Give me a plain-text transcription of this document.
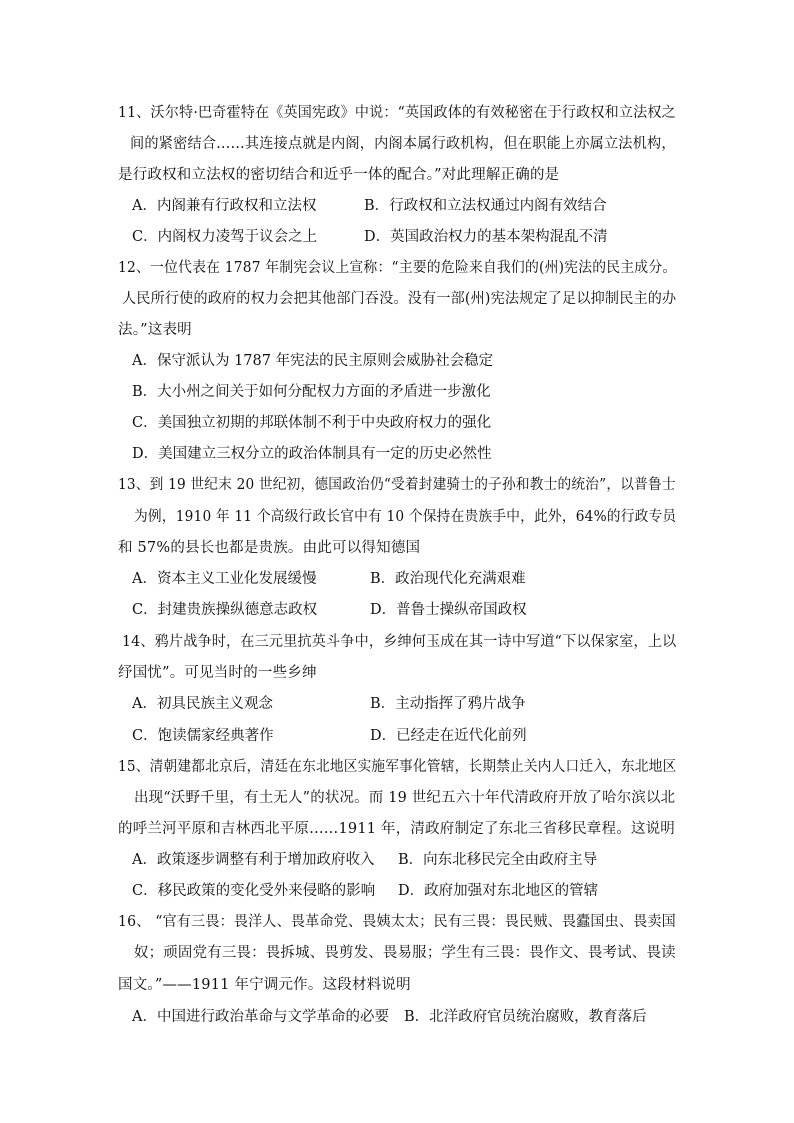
11、沃尔特·巴奇霍特在《英国宪政》中说：“英国政体的有效秘密在于行政权和立法权之
间的紧密结合……其连接点就是内阁，内阁本属行政机构，但在职能上亦属立法机构，
是行政权和立法权的密切结合和近乎一体的配合。”对此理解正确的是
A．内阁兼有行政权和立法权	B．行政权和立法权通过内阁有效结合
C．内阁权力凌驾于议会之上	D．英国政治权力的基本架构混乱不清
12、一位代表在 1787 年制宪会议上宣称：“主要的危险来自我们的(州)宪法的民主成分。
人民所行使的政府的权力会把其他部门吞没。没有一部(州)宪法规定了足以抑制民主的办
法。”这表明
A．保守派认为 1787 年宪法的民主原则会威胁社会稳定
B．大小州之间关于如何分配权力方面的矛盾进一步激化
C．美国独立初期的邦联体制不利于中央政府权力的强化
D．美国建立三权分立的政治体制具有一定的历史必然性
13、到 19 世纪末 20 世纪初，德国政治仍“受着封建骑士的子孙和教士的统治”，以普鲁士
为例，1910 年 11 个高级行政长官中有 10 个保持在贵族手中，此外，64%的行政专员
和 57%的县长也都是贵族。由此可以得知德国
A．资本主义工业化发展缓慢	B．政治现代化充满艰难
C．封建贵族操纵德意志政权	D．普鲁士操纵帝国政权
14、鸦片战争时，在三元里抗英斗争中，乡绅何玉成在其一诗中写道“下以保家室，上以
纾国忧”。可见当时的一些乡绅
A．初具民族主义观念	B．主动指挥了鸦片战争
C．饱读儒家经典著作	D．已经走在近代化前列
15、清朝建都北京后，清廷在东北地区实施军事化管辖，长期禁止关内人口迁入，东北地区
出现“沃野千里，有土无人”的状况。而 19 世纪五六十年代清政府开放了哈尔滨以北
的呼兰河平原和吉林西北平原……1911 年，清政府制定了东北三省移民章程。这说明
A．政策逐步调整有利于增加政府收入 B．向东北移民完全由政府主导
C．移民政策的变化受外来侵略的影响 D．政府加强对东北地区的管辖
16、 “官有三畏：畏洋人、畏革命党、畏姨太太；民有三畏：畏民贼、畏蠹国虫、畏卖国
奴；顽固党有三畏：畏拆城、畏剪发、畏易服；学生有三畏：畏作文、畏考试、畏读
国文。”——1911 年宁调元作。这段材料说明
A．中国进行政治革命与文学革命的必要 B．北洋政府官员统治腐败，教育落后
